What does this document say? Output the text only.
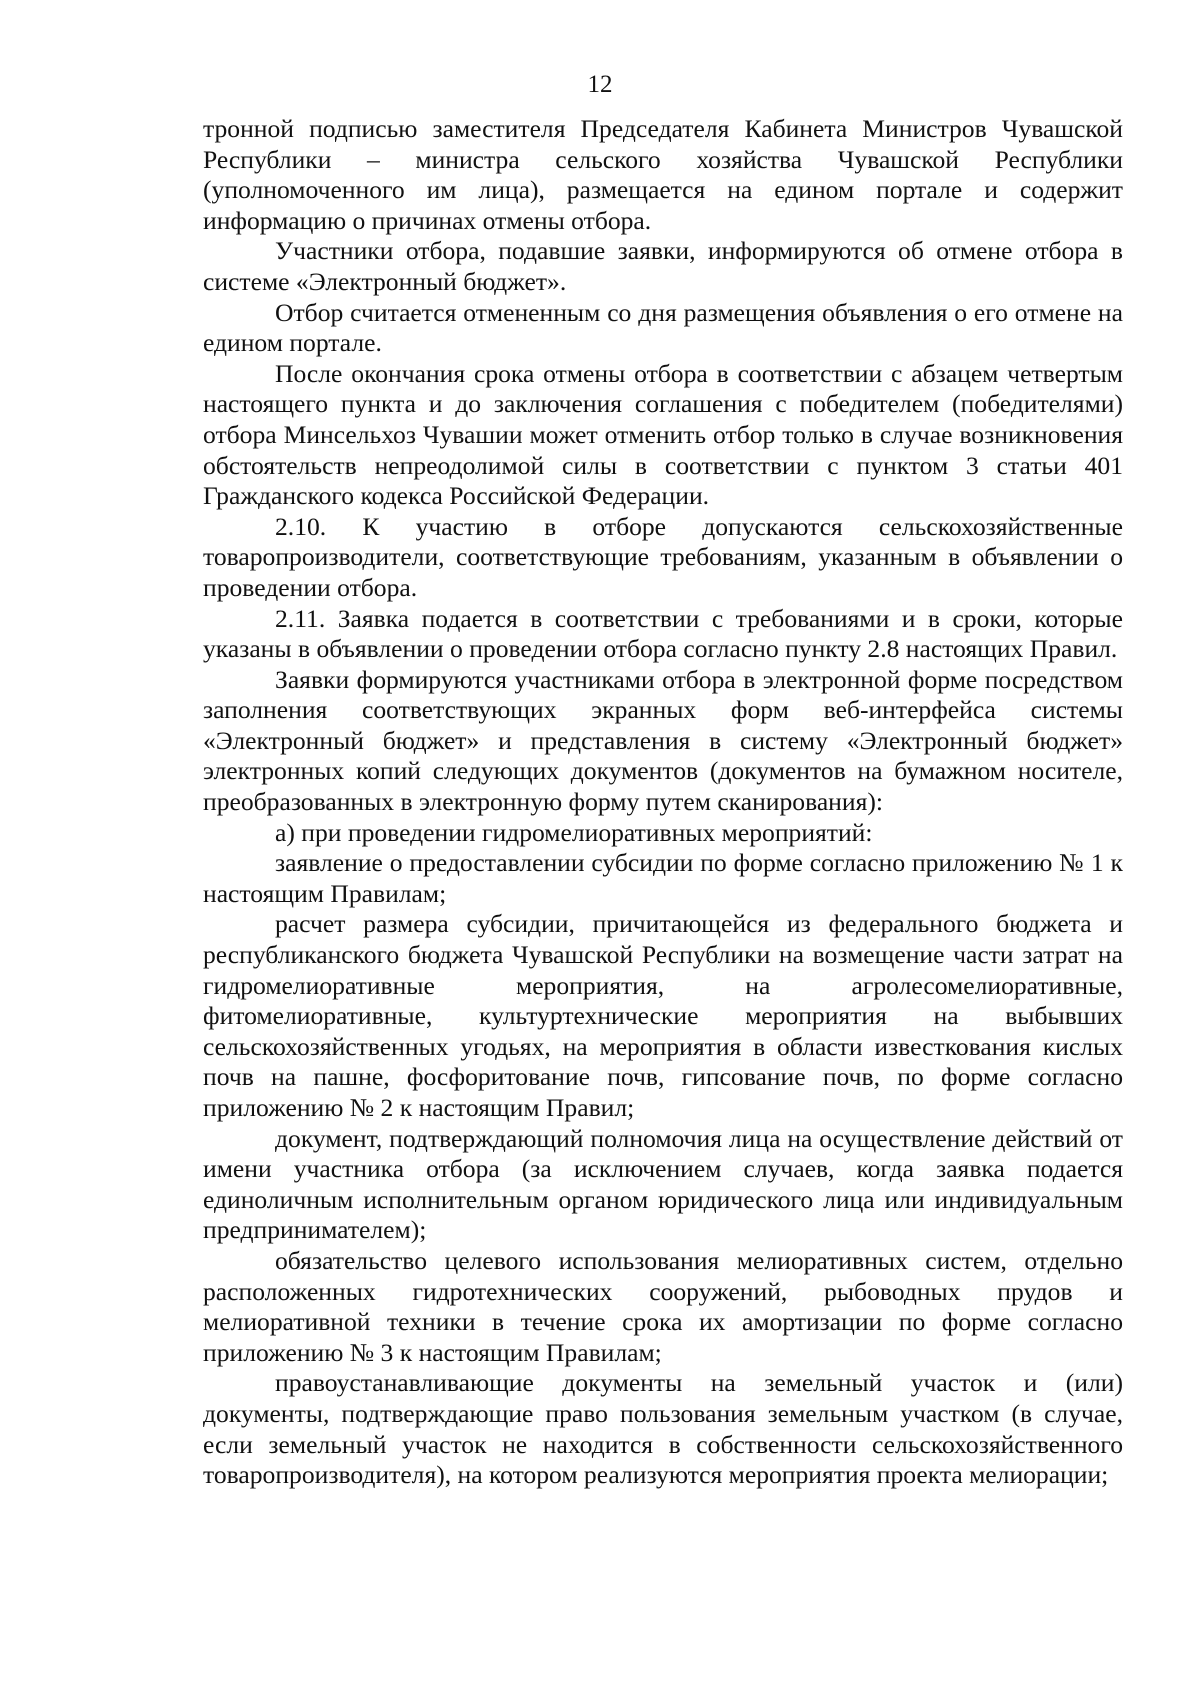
12

тронной подписью заместителя Председателя Кабинета Министров Чувашской Республики – министра сельского хозяйства Чувашской Республики (уполномоченного им лица), размещается на едином портале и содержит информацию о причинах отмены отбора.

Участники отбора, подавшие заявки, информируются об отмене отбора в системе «Электронный бюджет».

Отбор считается отмененным со дня размещения объявления о его отмене на едином портале.

После окончания срока отмены отбора в соответствии с абзацем четвертым настоящего пункта и до заключения соглашения с победителем (победителями) отбора Минсельхоз Чувашии может отменить отбор только в случае возникновения обстоятельств непреодолимой силы в соответствии с пунктом 3 статьи 401 Гражданского кодекса Российской Федерации.

2.10. К участию в отборе допускаются сельскохозяйственные товаропроизводители, соответствующие требованиям, указанным в объявлении о проведении отбора.

2.11. Заявка подается в соответствии с требованиями и в сроки, которые указаны в объявлении о проведении отбора согласно пункту 2.8 настоящих Правил.

Заявки формируются участниками отбора в электронной форме посредством заполнения соответствующих экранных форм веб-интерфейса системы «Электронный бюджет» и представления в систему «Электронный бюджет» электронных копий следующих документов (документов на бумажном носителе, преобразованных в электронную форму путем сканирования):

а) при проведении гидромелиоративных мероприятий:

заявление о предоставлении субсидии по форме согласно приложению № 1 к настоящим Правилам;

расчет размера субсидии, причитающейся из федерального бюджета и республиканского бюджета Чувашской Республики на возмещение части затрат на гидромелиоративные мероприятия, на агролесомелиоративные, фитомелиоративные, культуртехнические мероприятия на выбывших сельскохозяйственных угодьях, на мероприятия в области известкования кислых почв на пашне, фосфоритование почв, гипсование почв, по форме согласно приложению № 2 к настоящим Правил;

документ, подтверждающий полномочия лица на осуществление действий от имени участника отбора (за исключением случаев, когда заявка подается единоличным исполнительным органом юридического лица или индивидуальным предпринимателем);

обязательство целевого использования мелиоративных систем, отдельно расположенных гидротехнических сооружений, рыбоводных прудов и мелиоративной техники в течение срока их амортизации по форме согласно приложению № 3 к настоящим Правилам;

правоустанавливающие документы на земельный участок и (или) документы, подтверждающие право пользования земельным участком (в случае, если земельный участок не находится в собственности сельскохозяйственного товаропроизводителя), на котором реализуются мероприятия проекта мелиорации;
